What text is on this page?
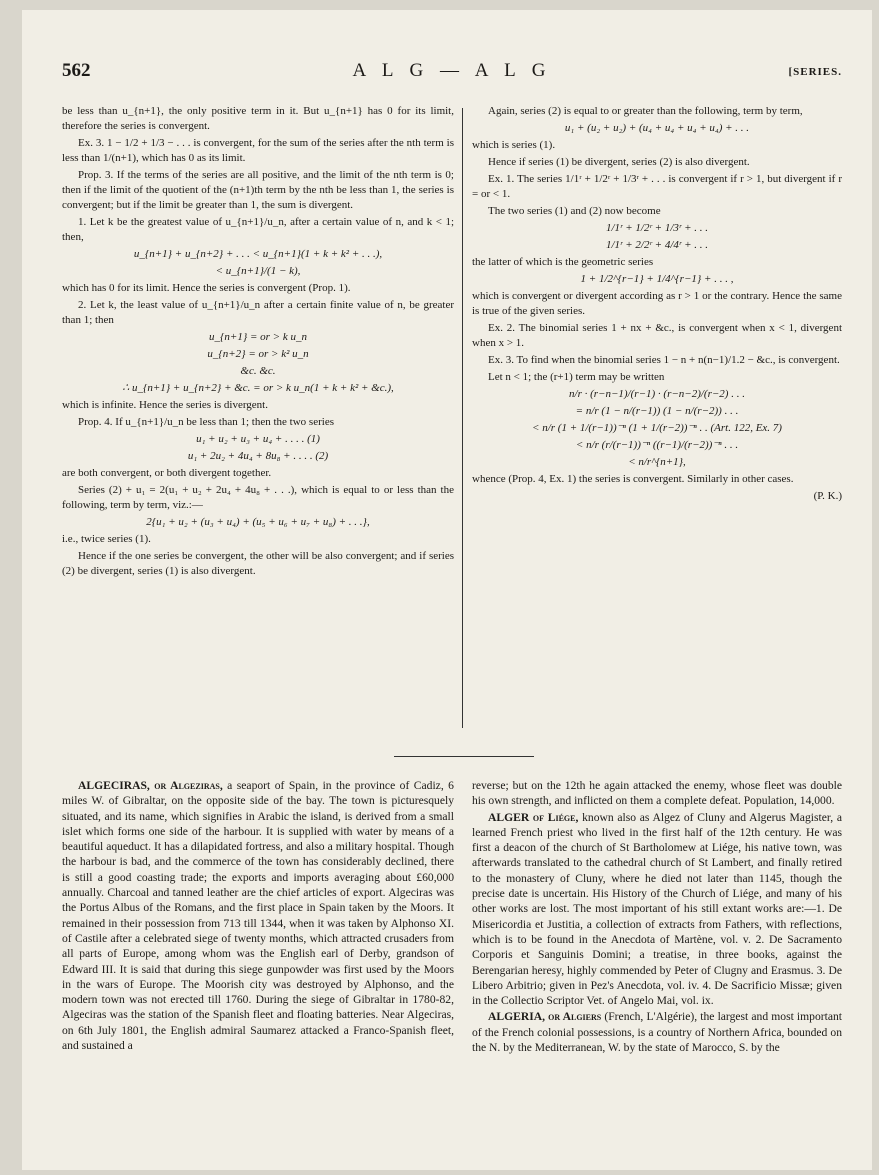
562	A L G — A L G	[SERIES.

be less than u_{n+1}, the only positive term in it. But u_{n+1} has 0 for its limit, therefore the series is convergent.

Ex. 3. 1 − 1/2 + 1/3 − . . . is convergent, for the sum of the series after the nth term is less than 1/(n+1), which has 0 as its limit.

Prop. 3. If the terms of the series are all positive, and the limit of the nth term is 0; then if the limit of the quotient of the (n+1)th term by the nth be less than 1, the series is convergent; but if the limit be greater than 1, the sum is divergent.

1. Let k be the greatest value of u_{n+1}/u_n, after a certain value of n, and k < 1; then,

u_{n+1} + u_{n+2} + . . . < u_{n+1}(1 + k + k² + . . .),

< u_{n+1}/(1 − k),

which has 0 for its limit. Hence the series is convergent (Prop. 1).

2. Let k, the least value of u_{n+1}/u_n after a certain finite value of n, be greater than 1; then

u_{n+1} = or > k u_n

u_{n+2} = or > k² u_n

&c. &c.

∴ u_{n+1} + u_{n+2} + &c. = or > k u_n(1 + k + k² + &c.),

which is infinite. Hence the series is divergent.

Prop. 4. If u_{n+1}/u_n be less than 1; then the two series

u₁ + u₂ + u₃ + u₄ + . . . . (1)

u₁ + 2u₂ + 4u₄ + 8u₈ + . . . . (2)

are both convergent, or both divergent together.

Series (2) + u₁ = 2(u₁ + u₂ + 2u₄ + 4u₈ + . . .), which is equal to or less than the following, term by term, viz.:—

2{u₁ + u₂ + (u₃ + u₄) + (u₅ + u₆ + u₇ + u₈) + . . .},

i.e., twice series (1).

Hence if the one series be convergent, the other will be also convergent; and if series (2) be divergent, series (1) is also divergent.

Again, series (2) is equal to or greater than the following, term by term,

u₁ + (u₂ + u₂) + (u₄ + u₄ + u₄ + u₄) + . . .

which is series (1).

Hence if series (1) be divergent, series (2) is also divergent.

Ex. 1. The series 1/1ʳ + 1/2ʳ + 1/3ʳ + . . . is convergent if r > 1, but divergent if r = or < 1.

The two series (1) and (2) now become

1/1ʳ + 1/2ʳ + 1/3ʳ + . . .

1/1ʳ + 2/2ʳ + 4/4ʳ + . . .

the latter of which is the geometric series

1 + 1/2^{r−1} + 1/4^{r−1} + . . . ,

which is convergent or divergent according as r > 1 or the contrary. Hence the same is true of the given series.

Ex. 2. The binomial series 1 + nx + &c., is convergent when x < 1, divergent when x > 1.

Ex. 3. To find when the binomial series 1 − n + n(n−1)/1.2 − &c., is convergent.

Let n < 1; the (r+1) term may be written

n/r · (r−n−1)/(r−1) · (r−n−2)/(r−2) . . .

= n/r (1 − n/(r−1)) (1 − n/(r−2)) . . .

< n/r (1 + 1/(r−1))⁻ⁿ (1 + 1/(r−2))⁻ⁿ . . (Art. 122, Ex. 7)

< n/r (r/(r−1))⁻ⁿ ((r−1)/(r−2))⁻ⁿ . . .

< n/r^{n+1},

whence (Prop. 4, Ex. 1) the series is convergent. Similarly in other cases.

(P. K.)

ALGECIRAS, or Algeziras, a seaport of Spain, in the province of Cadiz, 6 miles W. of Gibraltar, on the opposite side of the bay. The town is picturesquely situated, and its name, which signifies in Arabic the island, is derived from a small islet which forms one side of the harbour. It is supplied with water by means of a beautiful aqueduct. It has a dilapidated fortress, and also a military hospital. Though the harbour is bad, and the commerce of the town has considerably declined, there is still a good coasting trade; the exports and imports averaging about £60,000 annually. Charcoal and tanned leather are the chief articles of export. Algeciras was the Portus Albus of the Romans, and the first place in Spain taken by the Moors. It remained in their possession from 713 till 1344, when it was taken by Alphonso XI. of Castile after a celebrated siege of twenty months, which attracted crusaders from all parts of Europe, among whom was the English earl of Derby, grandson of Edward III. It is said that during this siege gunpowder was first used by the Moors in the wars of Europe. The Moorish city was destroyed by Alphonso, and the modern town was not erected till 1760. During the siege of Gibraltar in 1780-82, Algeciras was the station of the Spanish fleet and floating batteries. Near Algeciras, on 6th July 1801, the English admiral Saumarez attacked a Franco-Spanish fleet, and sustained a

reverse; but on the 12th he again attacked the enemy, whose fleet was double his own strength, and inflicted on them a complete defeat. Population, 14,000.

ALGER of Liége, known also as Algez of Cluny and Algerus Magister, a learned French priest who lived in the first half of the 12th century. He was first a deacon of the church of St Bartholomew at Liége, his native town, was afterwards translated to the cathedral church of St Lambert, and finally retired to the monastery of Cluny, where he died not later than 1145, though the precise date is uncertain. His History of the Church of Liége, and many of his other works are lost. The most important of his still extant works are:—1. De Misericordia et Justitia, a collection of extracts from Fathers, with reflections, which is to be found in the Anecdota of Martène, vol. v. 2. De Sacramento Corporis et Sanguinis Domini; a treatise, in three books, against the Berengarian heresy, highly commended by Peter of Clugny and Erasmus. 3. De Libero Arbitrio; given in Pez's Anecdota, vol. iv. 4. De Sacrificio Missæ; given in the Collectio Scriptor Vet. of Angelo Mai, vol. ix.

ALGERIA, or Algiers (French, L'Algérie), the largest and most important of the French colonial possessions, is a country of Northern Africa, bounded on the N. by the Mediterranean, W. by the state of Marocco, S. by the
